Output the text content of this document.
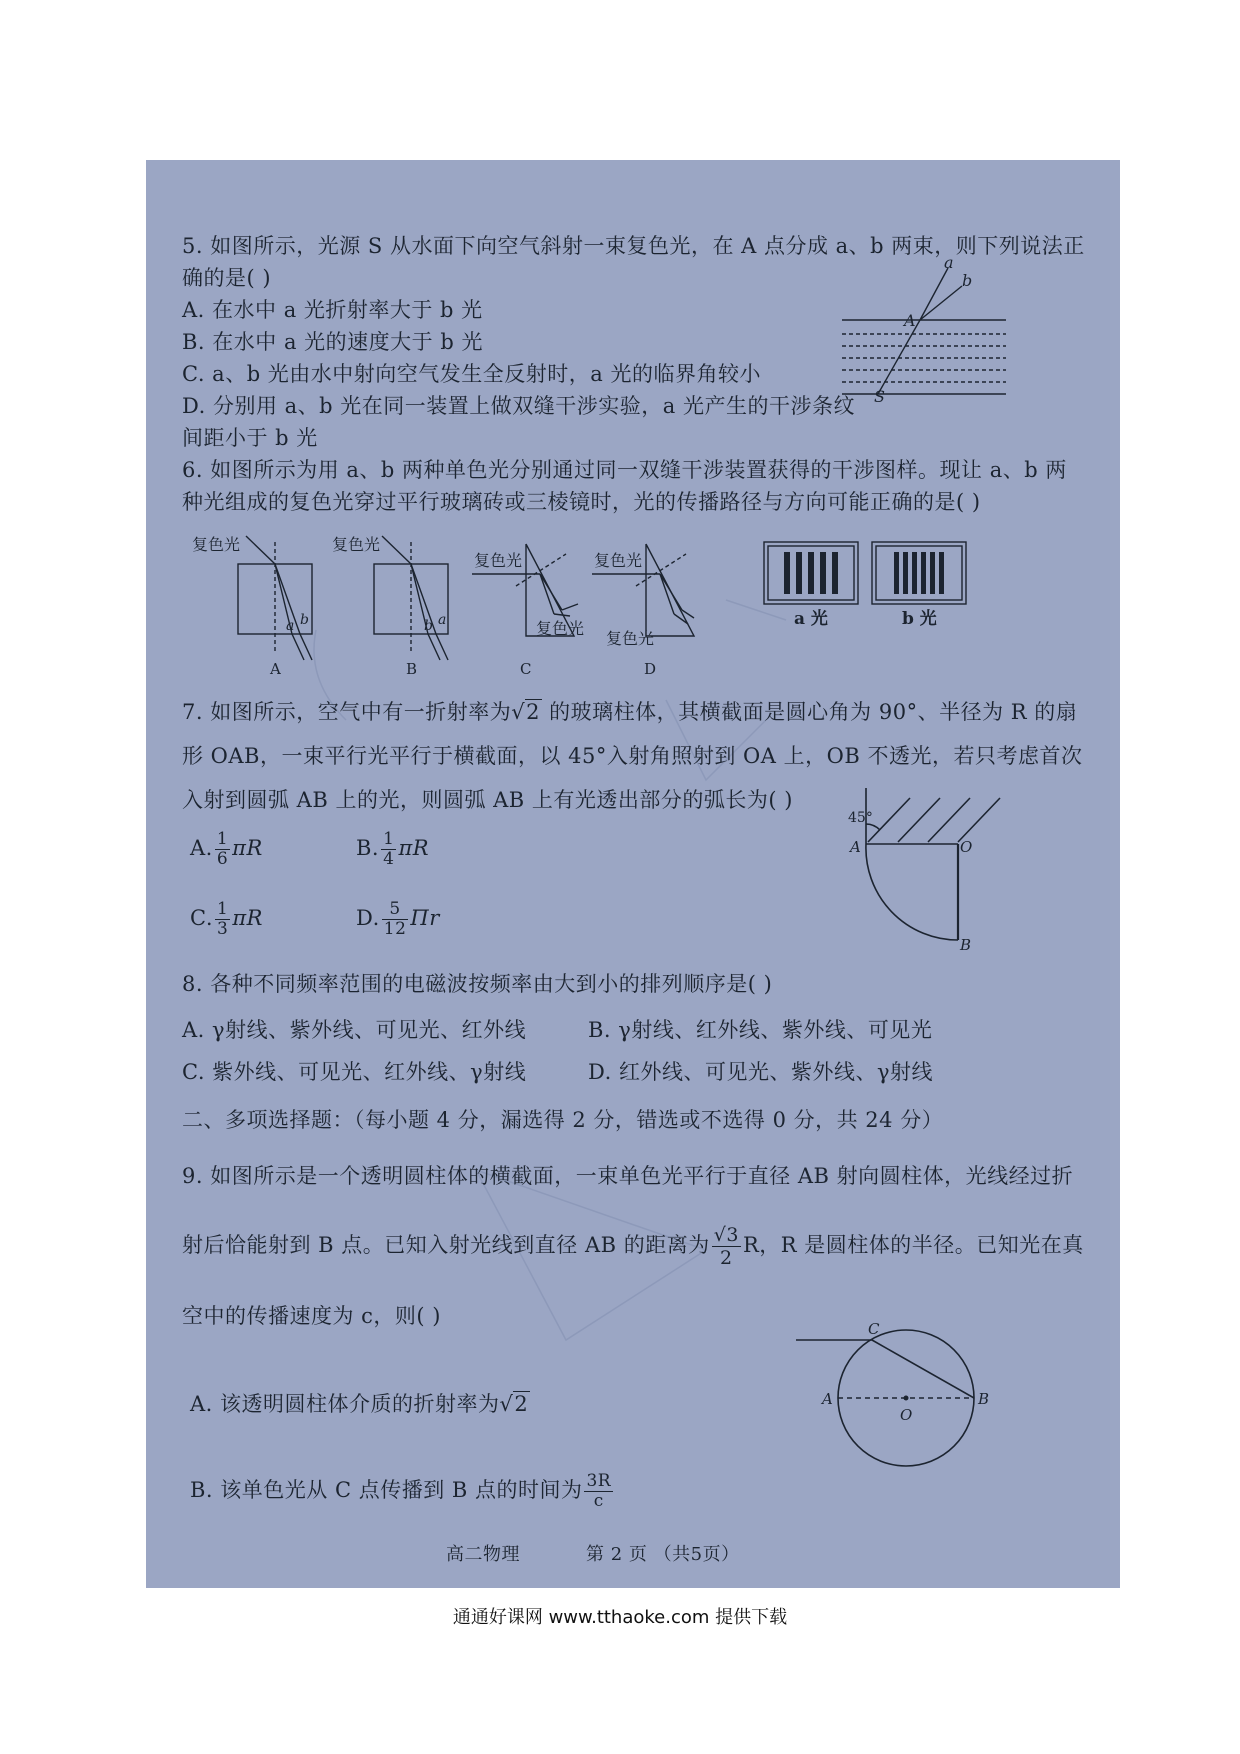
5. 如图所示，光源 S 从水面下向空气斜射一束复色光，在 A 点分成 a、b 两束，则下列说法正
确的是( )
A. 在水中 a 光折射率大于 b 光
B. 在水中 a 光的速度大于 b 光
C. a、b 光由水中射向空气发生全反射时，a 光的临界角较小
D. 分别用 a、b 光在同一装置上做双缝干涉实验，a 光产生的干涉条纹
间距小于 b 光
a
b
A
S
6. 如图所示为用 a、b 两种单色光分别通过同一双缝干涉装置获得的干涉图样。现让 a、b 两
种光组成的复色光穿过平行玻璃砖或三棱镜时，光的传播路径与方向可能正确的是( )
复色光	复色光
复色光
复色光
复色光
复色光
a b	b a
A	B	C	D
a 光	b 光
7. 如图所示，空气中有一折射率为√2 的玻璃柱体，其横截面是圆心角为 90°、半径为 R 的扇
形 OAB，一束平行光平行于横截面，以 45°入射角照射到 OA 上，OB 不透光，若只考虑首次
入射到圆弧 AB 上的光，则圆弧 AB 上有光透出部分的弧长为( )
A. $\frac{1}{6}$ πR	B. $\frac{1}{4}$ πR
C. $\frac{1}{3}$ πR	D. $\frac{5}{12}$ Πr
45°
A	O
B
8. 各种不同频率范围的电磁波按频率由大到小的排列顺序是( )
A. γ射线、紫外线、可见光、红外线	B. γ射线、红外线、紫外线、可见光
C. 紫外线、可见光、红外线、γ射线	D. 红外线、可见光、紫外线、γ射线
二、多项选择题：（每小题 4 分，漏选得 2 分，错选或不选得 0 分，共 24 分）
9. 如图所示是一个透明圆柱体的横截面，一束单色光平行于直径 AB 射向圆柱体，光线经过折
射后恰能射到 B 点。已知入射光线到直径 AB 的距离为 $\frac{√3}{2}$ R，R 是圆柱体的半径。已知光在真
空中的传播速度为 c，则( )
A. 该透明圆柱体介质的折射率为√2
B. 该单色光从 C 点传播到 B 点的时间为 $\frac{3R}{c}$
C
A
O
B
高二物理	第 2 页 （共5页）
通通好课网 www.tthaoke.com 提供下载
